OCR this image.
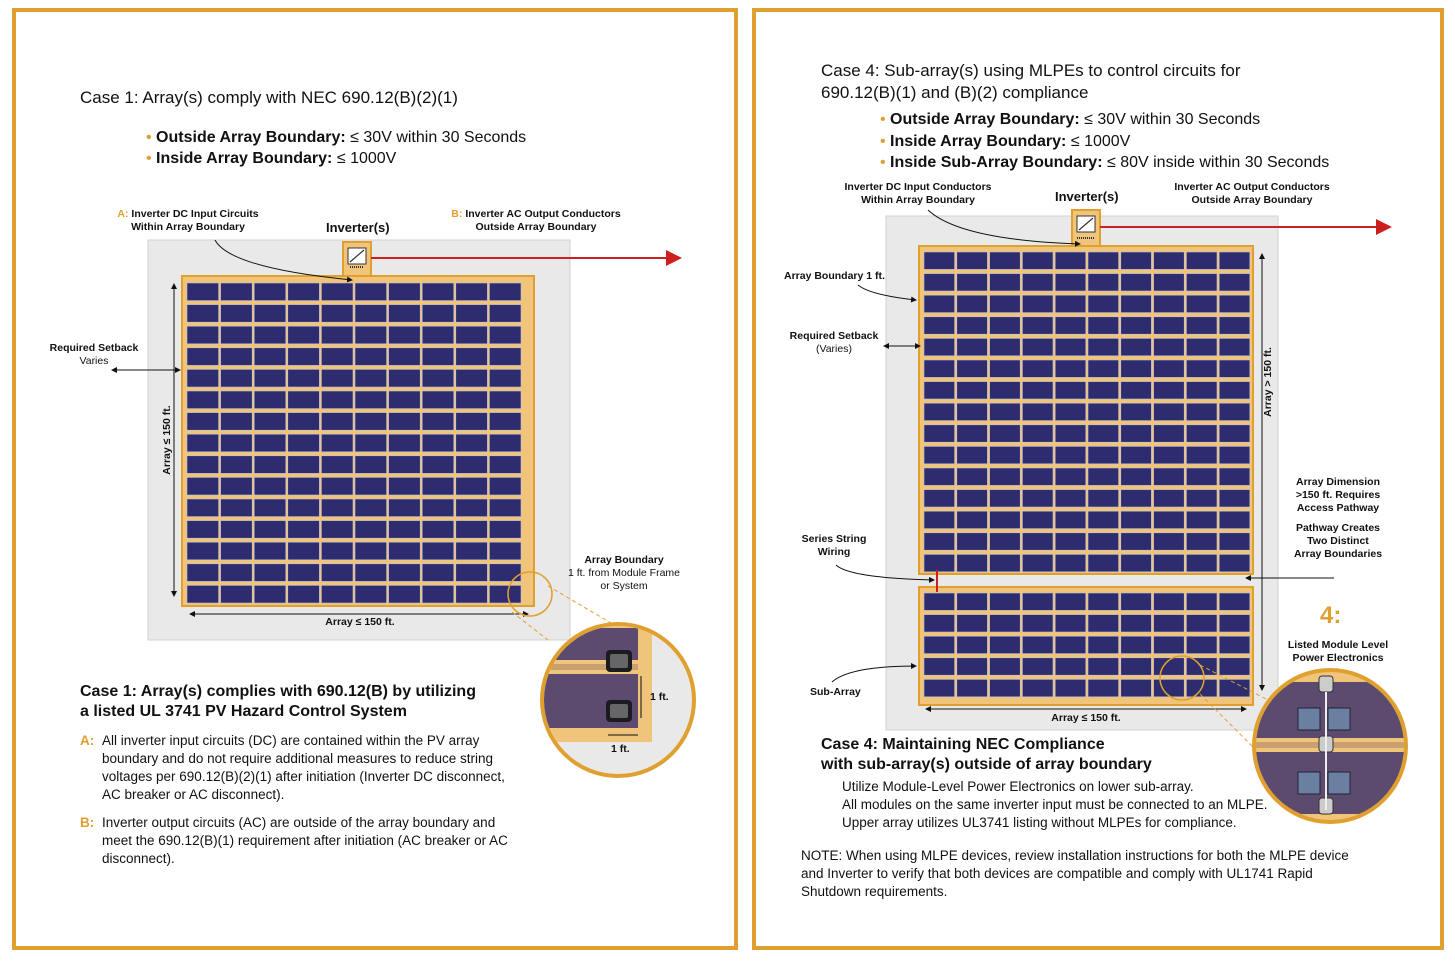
Case 1: Array(s) comply with NEC 690.12(B)(2)(1)
• Outside Array Boundary: ≤ 30V within 30 Seconds
• Inside Array Boundary: ≤ 1000V
A: Inverter DC Input Circuits
Within Array Boundary	Inverter(s)
B: Inverter AC Output Conductors
Outside Array Boundary
Required Setback
Varies
Array ≤ 150 ft.
Array ≤ 150 ft.
Array Boundary
1 ft. from Module Frame
or System
1 ft.
1 ft.
Case 1: Array(s) complies with 690.12(B) by utilizing
a listed UL 3741 PV Hazard Control System
A: All inverter input circuits (DC) are contained within the PV array
boundary and do not require additional measures to reduce string
voltages per 690.12(B)(2)(1) after initiation (Inverter DC disconnect,
AC breaker or AC disconnect).
B: Inverter output circuits (AC) are outside of the array boundary and
meet the 690.12(B)(1) requirement after initiation (AC breaker or AC
disconnect).
Case 4: Sub-array(s) using MLPEs to control circuits for
690.12(B)(1) and (B)(2) compliance
• Outside Array Boundary: ≤ 30V within 30 Seconds
• Inside Array Boundary: ≤ 1000V
• Inside Sub-Array Boundary: ≤ 80V inside within 30 Seconds
Inverter DC Input Conductors
Within Array Boundary	Inverter(s)
Inverter AC Output Conductors
Outside Array Boundary
Array Boundary 1 ft.
Required Setback
(Varies)	Array > 150 ft.
Array Dimension
>150 ft. Requires
Access Pathway
Pathway Creates
Two Distinct
Array Boundaries
Series String
Wiring
4:
Listed Module Level
Power Electronics
Sub-Array
Array ≤ 150 ft.
Case 4: Maintaining NEC Compliance
with sub-array(s) outside of array boundary
Utilize Module-Level Power Electronics on lower sub-array.
All modules on the same inverter input must be connected to an MLPE.
Upper array utilizes UL3741 listing without MLPEs for compliance.
NOTE: When using MLPE devices, review installation instructions for both the MLPE device
and Inverter to verify that both devices are compatible and comply with UL1741 Rapid
Shutdown requirements.
